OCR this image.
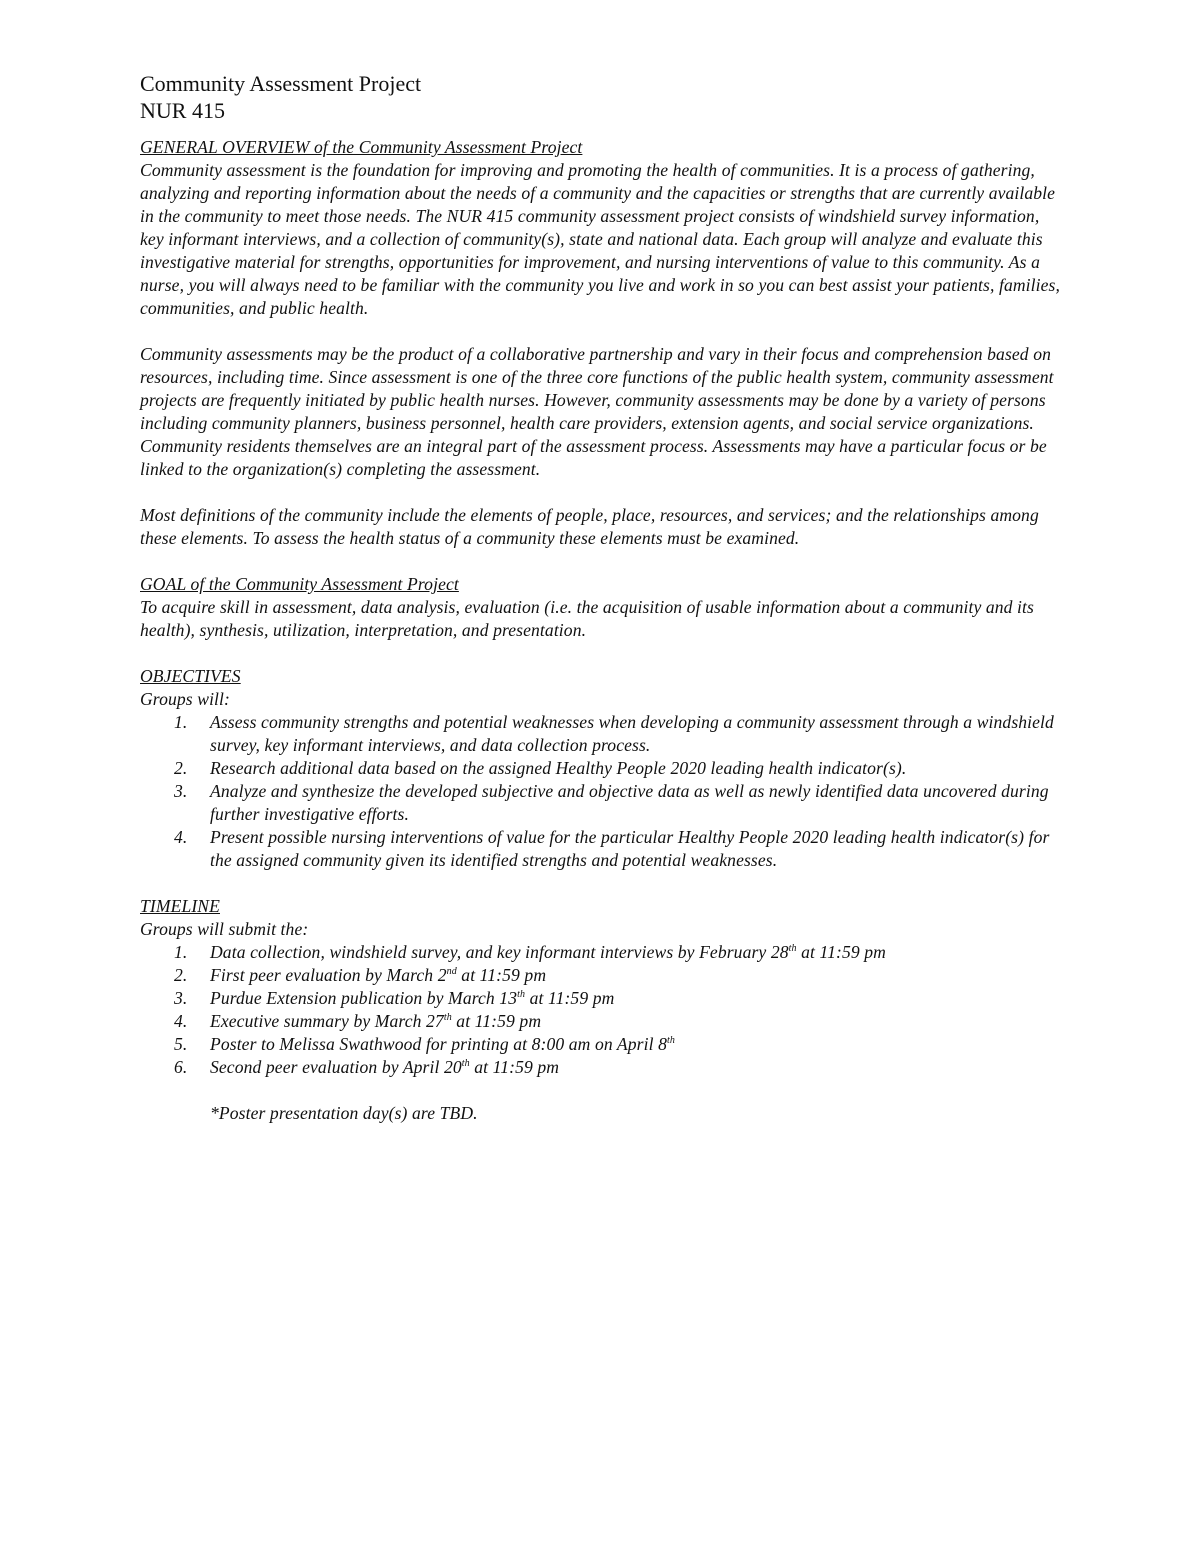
Community Assessment Project
NUR 415
GENERAL OVERVIEW of the Community Assessment Project

Community assessment is the foundation for improving and promoting the health of communities. It is a process of gathering, analyzing and reporting information about the needs of a community and the capacities or strengths that are currently available in the community to meet those needs. The NUR 415 community assessment project consists of windshield survey information, key informant interviews, and a collection of community(s), state and national data. Each group will analyze and evaluate this investigative material for strengths, opportunities for improvement, and nursing interventions of value to this community. As a nurse, you will always need to be familiar with the community you live and work in so you can best assist your patients, families, communities, and public health.

Community assessments may be the product of a collaborative partnership and vary in their focus and comprehension based on resources, including time. Since assessment is one of the three core functions of the public health system, community assessment projects are frequently initiated by public health nurses. However, community assessments may be done by a variety of persons including community planners, business personnel, health care providers, extension agents, and social service organizations. Community residents themselves are an integral part of the assessment process. Assessments may have a particular focus or be linked to the organization(s) completing the assessment.

Most definitions of the community include the elements of people, place, resources, and services; and the relationships among these elements. To assess the health status of a community these elements must be examined.

GOAL of the Community Assessment Project

To acquire skill in assessment, data analysis, evaluation (i.e. the acquisition of usable information about a community and its health), synthesis, utilization, interpretation, and presentation.

OBJECTIVES

Groups will:

Assess community strengths and potential weaknesses when developing a community assessment through a windshield survey, key informant interviews, and data collection process.
Research additional data based on the assigned Healthy People 2020 leading health indicator(s).
Analyze and synthesize the developed subjective and objective data as well as newly identified data uncovered during further investigative efforts.
Present possible nursing interventions of value for the particular Healthy People 2020 leading health indicator(s) for the assigned community given its identified strengths and potential weaknesses.
TIMELINE

Groups will submit the:

Data collection, windshield survey, and key informant interviews by February 28th at 11:59 pm
First peer evaluation by March 2nd at 11:59 pm
Purdue Extension publication by March 13th at 11:59 pm
Executive summary by March 27th at 11:59 pm
Poster to Melissa Swathwood for printing at 8:00 am on April 8th
Second peer evaluation by April 20th at 11:59 pm

*Poster presentation day(s) are TBD.
